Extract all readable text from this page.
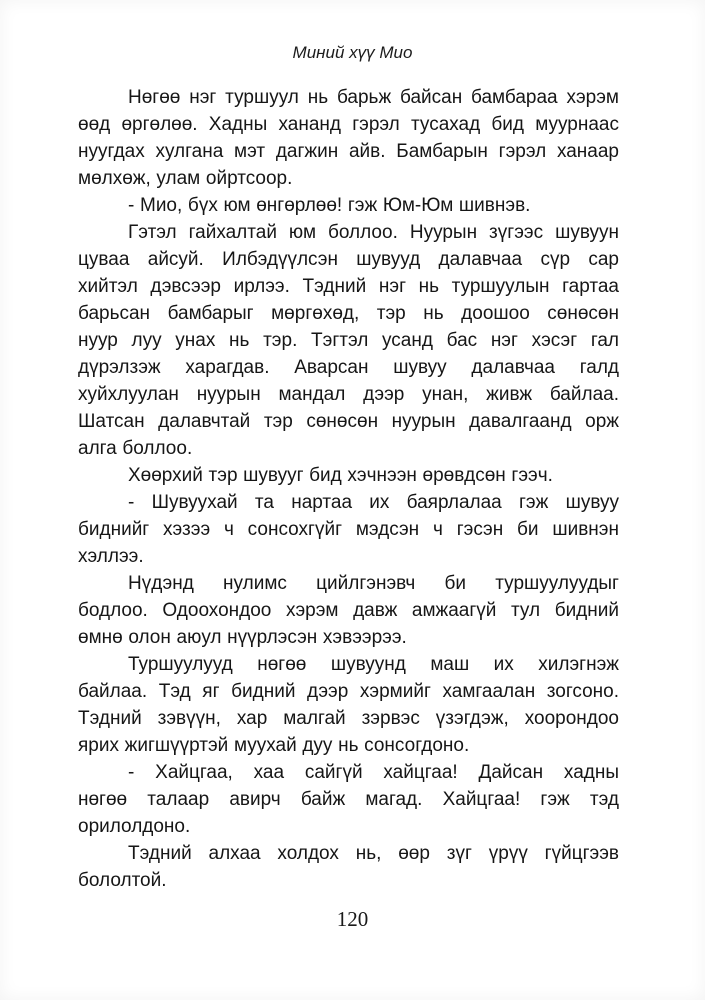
Миний хүү Мио
Нөгөө нэг туршуул нь барьж байсан бамбараа хэрэм
өөд өргөлөө. Хадны хананд гэрэл тусахад бид муурнаас
нуугдах хулгана мэт дагжин айв. Бамбарын гэрэл ханаар
мөлхөж, улам ойртсоор.
- Мио, бүх юм өнгөрлөө! гэж Юм-Юм шивнэв.
Гэтэл гайхалтай юм боллоо. Нуурын зүгээс шувуун
цуваа айсуй. Илбэдүүлсэн шувууд далавчаа сүр сар
хийтэл дэвсээр ирлээ. Тэдний нэг нь туршуулын гартаа
барьсан бамбарыг мөргөхөд, тэр нь доошоо сөнөсөн
нуур луу унах нь тэр. Тэгтэл усанд бас нэг хэсэг гал
дүрэлзэж харагдав. Аварсан шувуу далавчаа галд
хуйхлуулан нуурын мандал дээр унан, живж байлаа.
Шатсан далавчтай тэр сөнөсөн нуурын давалгаанд орж
алга боллоо.
Хөөрхий тэр шувууг бид хэчнээн өрөвдсөн гээч.
- Шувуухай та нартаа их баярлалаа гэж шувуу
биднийг хэзээ ч сонсохгүйг мэдсэн ч гэсэн би шивнэн
хэллээ.
Нүдэнд нулимс цийлгэнэвч би туршуулуудыг
бодлоо. Одоохондоо хэрэм давж амжаагүй тул бидний
өмнө олон аюул нүүрлэсэн хэвээрээ.
Туршуулууд нөгөө шувуунд маш их хилэгнэж
байлаа. Тэд яг бидний дээр хэрмийг хамгаалан зогсоно.
Тэдний зэвүүн, хар малгай зэрвэс үзэгдэж, хоорондоо
ярих жигшүүртэй муухай дуу нь сонсогдоно.
- Хайцгаа, хаа сайгүй хайцгаа! Дайсан хадны
нөгөө талаар авирч байж магад. Хайцгаа! гэж тэд
орилолдоно.
Тэдний алхаа холдох нь, өөр зүг үрүү гүйцгээв
бололтой.
120
